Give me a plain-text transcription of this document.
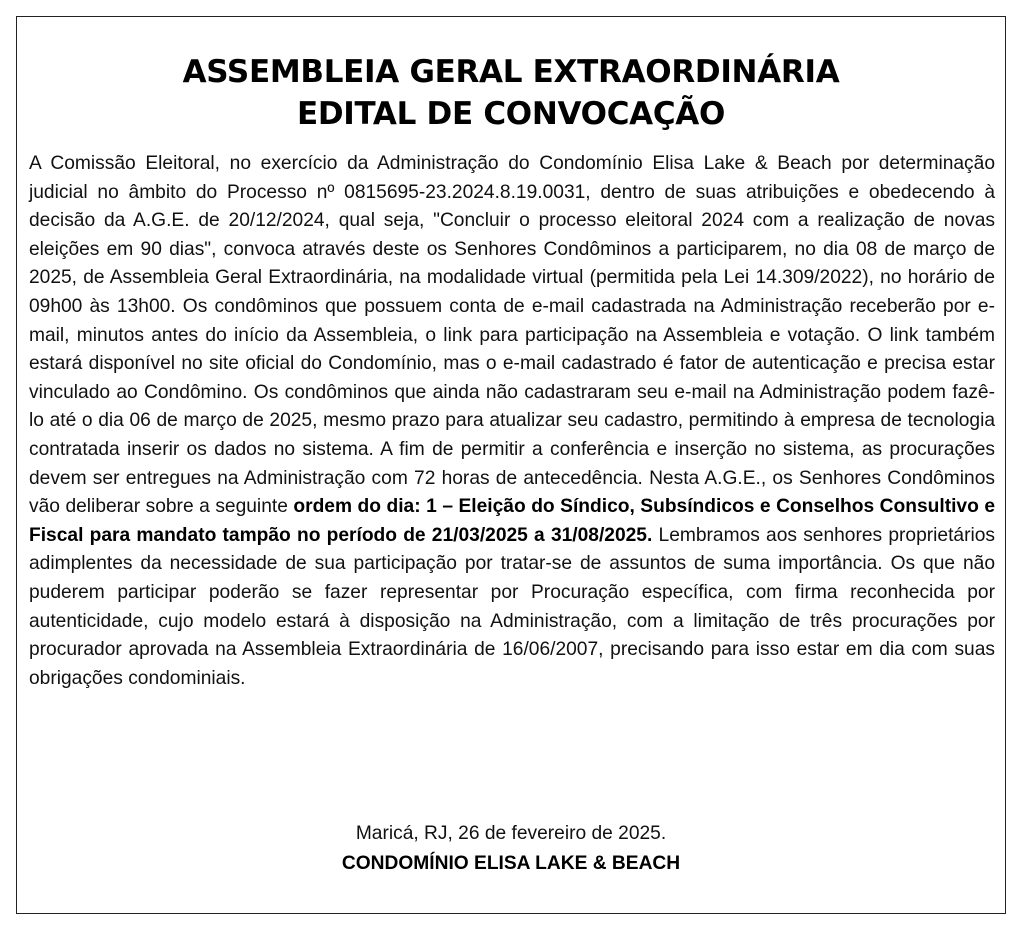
ASSEMBLEIA GERAL EXTRAORDINÁRIA
EDITAL DE CONVOCAÇÃO

A Comissão Eleitoral, no exercício da Administração do Condomínio Elisa Lake & Beach por determinação judicial no âmbito do Processo nº 0815695-23.2024.8.19.0031, dentro de suas atribuições e obedecendo à decisão da A.G.E. de 20/12/2024, qual seja, "Concluir o processo eleitoral 2024 com a realização de novas eleições em 90 dias", convoca através deste os Senhores Condôminos a participarem, no dia 08 de março de 2025, de Assembleia Geral Extraordinária, na modalidade virtual (permitida pela Lei 14.309/2022), no horário de 09h00 às 13h00. Os condôminos que possuem conta de e-mail cadastrada na Administração receberão por e-mail, minutos antes do início da Assembleia, o link para participação na Assembleia e votação. O link também estará disponível no site oficial do Condomínio, mas o e-mail cadastrado é fator de autenticação e precisa estar vinculado ao Condômino. Os condôminos que ainda não cadastraram seu e-mail na Administração podem fazê-lo até o dia 06 de março de 2025, mesmo prazo para atualizar seu cadastro, permitindo à empresa de tecnologia contratada inserir os dados no sistema. A fim de permitir a conferência e inserção no sistema, as procurações devem ser entregues na Administração com 72 horas de antecedência. Nesta A.G.E., os Senhores Condôminos vão deliberar sobre a seguinte ordem do dia: 1 – Eleição do Síndico, Subsíndicos e Conselhos Consultivo e Fiscal para mandato tampão no período de 21/03/2025 a 31/08/2025. Lembramos aos senhores proprietários adimplentes da necessidade de sua participação por tratar-se de assuntos de suma importância. Os que não puderem participar poderão se fazer representar por Procuração específica, com firma reconhecida por autenticidade, cujo modelo estará à disposição na Administração, com a limitação de três procurações por procurador aprovada na Assembleia Extraordinária de 16/06/2007, precisando para isso estar em dia com suas obrigações condominiais.

Maricá, RJ, 26 de fevereiro de 2025.
CONDOMÍNIO ELISA LAKE & BEACH
